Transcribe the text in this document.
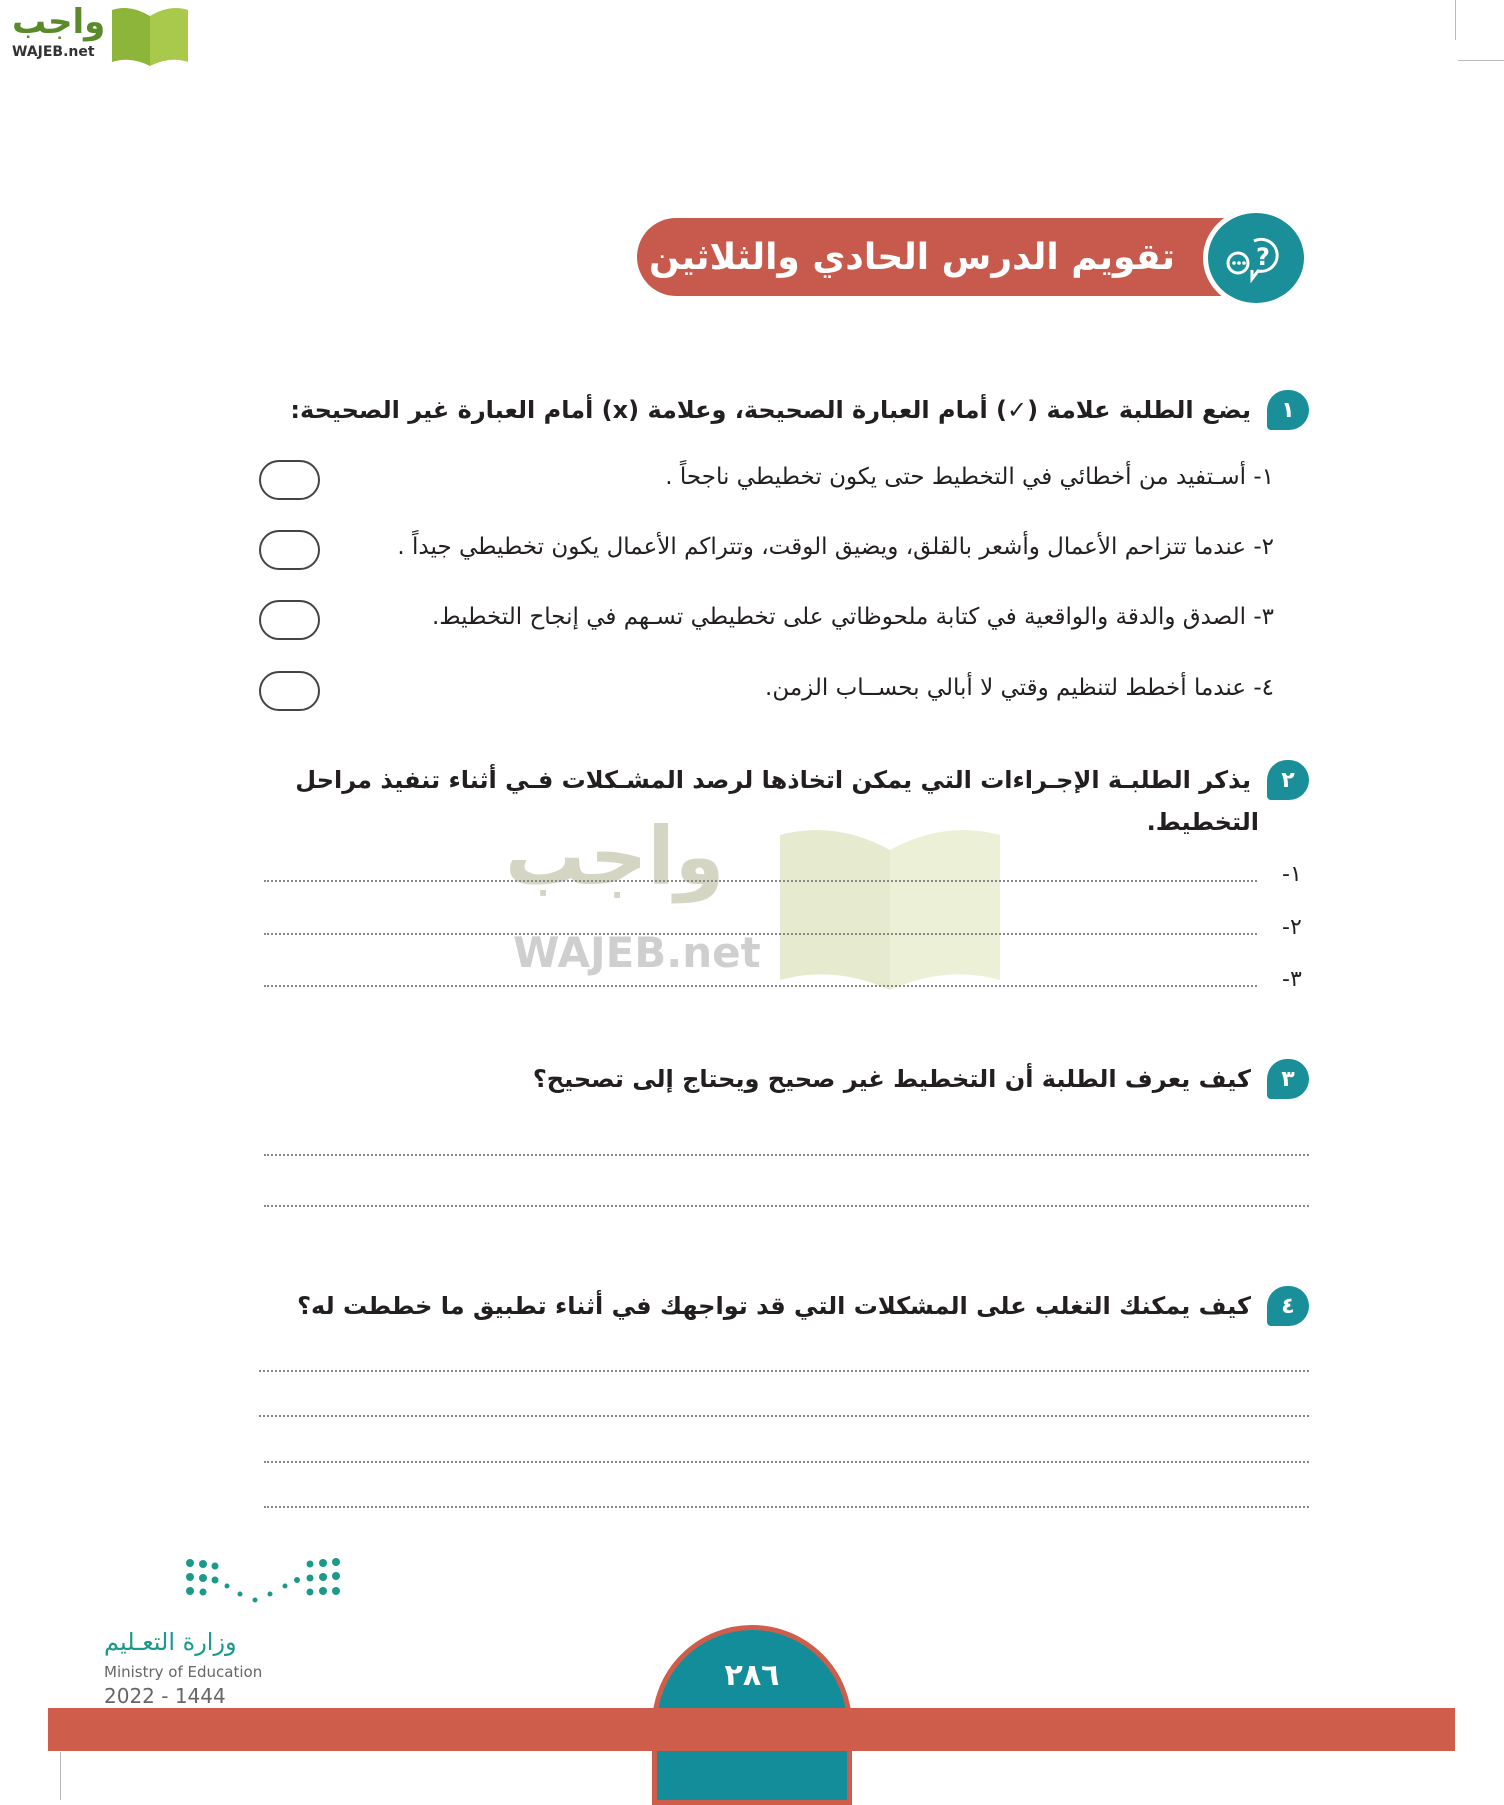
واجب
WAJEB.net
تقويم الدرس الحادي والثلاثين	?
١
يضع الطلبة علامة (✓) أمام العبارة الصحيحة، وعلامة (x) أمام العبارة غير الصحيحة:
١- أسـتفيد من أخطائي في التخطيط حتى يكون تخطيطي ناجحاً .
٢- عندما تتزاحم الأعمال وأشعر بالقلق، ويضيق الوقت، وتتراكم الأعمال يكون تخطيطي جيداً .
٣- الصدق والدقة والواقعية في كتابة ملحوظاتي على تخطيطي تسـهم في إنجاح التخطيط.
٤- عندما أخطط لتنظيم وقتي لا أبالي بحســاب الزمن.
٢
يذكر الطلبـة الإجـراءات التي يمكن اتخاذها لرصد المشـكلات فـي أثناء تنفيذ مراحل
التخطيط.
واجب
WAJEB.net
١-
٢-
٣-
٣
كيف يعرف الطلبة أن التخطيط غير صحيح ويحتاج إلى تصحيح؟
٤
كيف يمكنك التغلب على المشكلات التي قد تواجهك في أثناء تطبيق ما خططت له؟
وزارة التعـليم
Ministry of Education
2022 - 1444
٢٨٦
